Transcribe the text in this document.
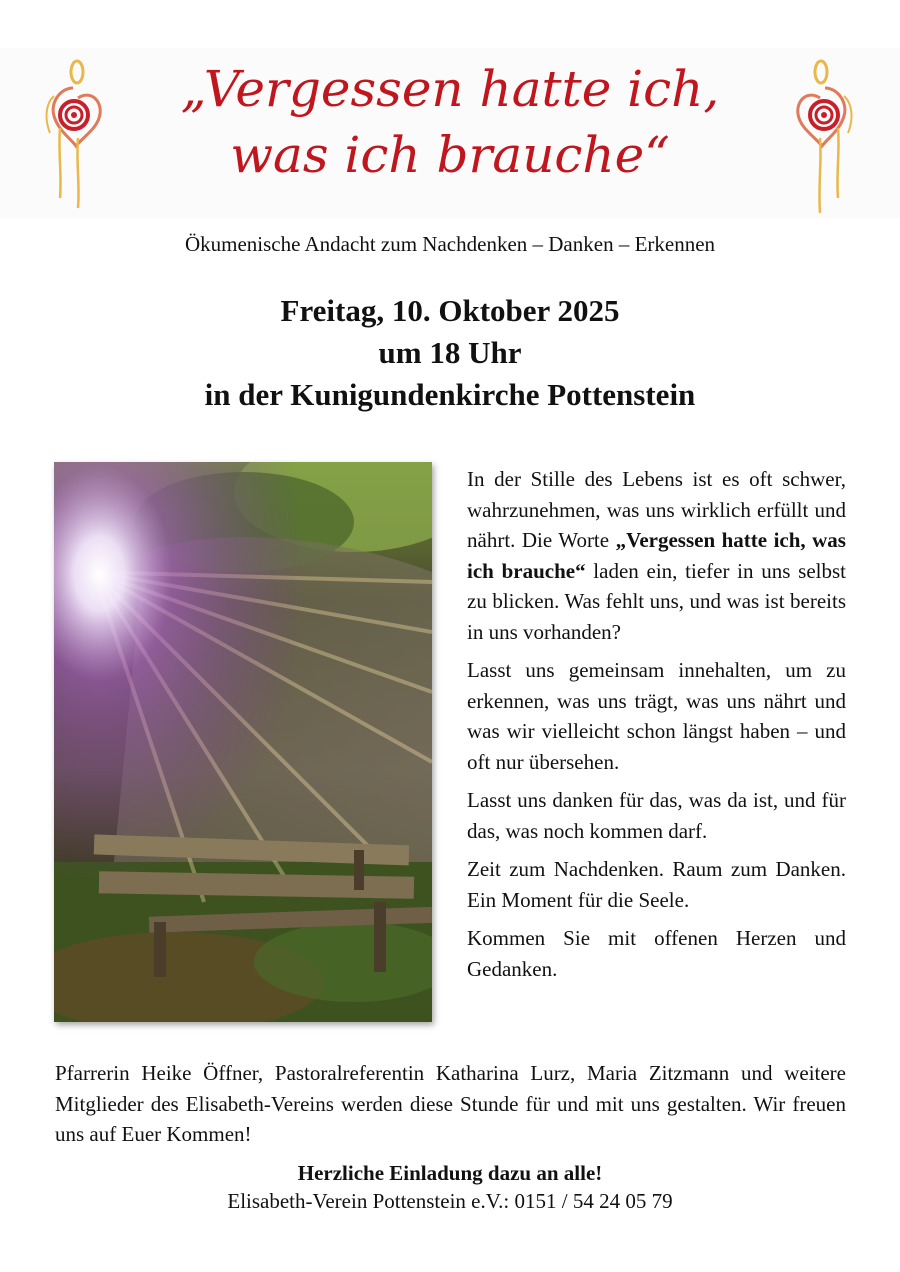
„Vergessen hatte ich,
was ich brauche“
Ökumenische Andacht zum Nachdenken – Danken – Erkennen
Freitag, 10. Oktober 2025
um 18 Uhr
in der Kunigundenkirche Pottenstein

In der Stille des Lebens ist es oft schwer, wahrzunehmen, was uns wirklich erfüllt und nährt. Die Worte „Vergessen hatte ich, was ich brauche“ laden ein, tiefer in uns selbst zu blicken. Was fehlt uns, und was ist bereits in uns vorhanden?

Lasst uns gemeinsam innehalten, um zu erkennen, was uns trägt, was uns nährt und was wir vielleicht schon längst haben – und oft nur übersehen.

Lasst uns danken für das, was da ist, und für das, was noch kommen darf.

Zeit zum Nachdenken. Raum zum Danken. Ein Moment für die Seele.

Kommen Sie mit offenen Herzen und Gedanken.

Pfarrerin Heike Öffner, Pastoralreferentin Katharina Lurz, Maria Zitzmann und weitere Mitglieder des Elisabeth-Vereins werden diese Stunde für und mit uns gestalten. Wir freuen uns auf Euer Kommen!
Herzliche Einladung dazu an alle!
Elisabeth-Verein Pottenstein e.V.: 0151 / 54 24 05 79
